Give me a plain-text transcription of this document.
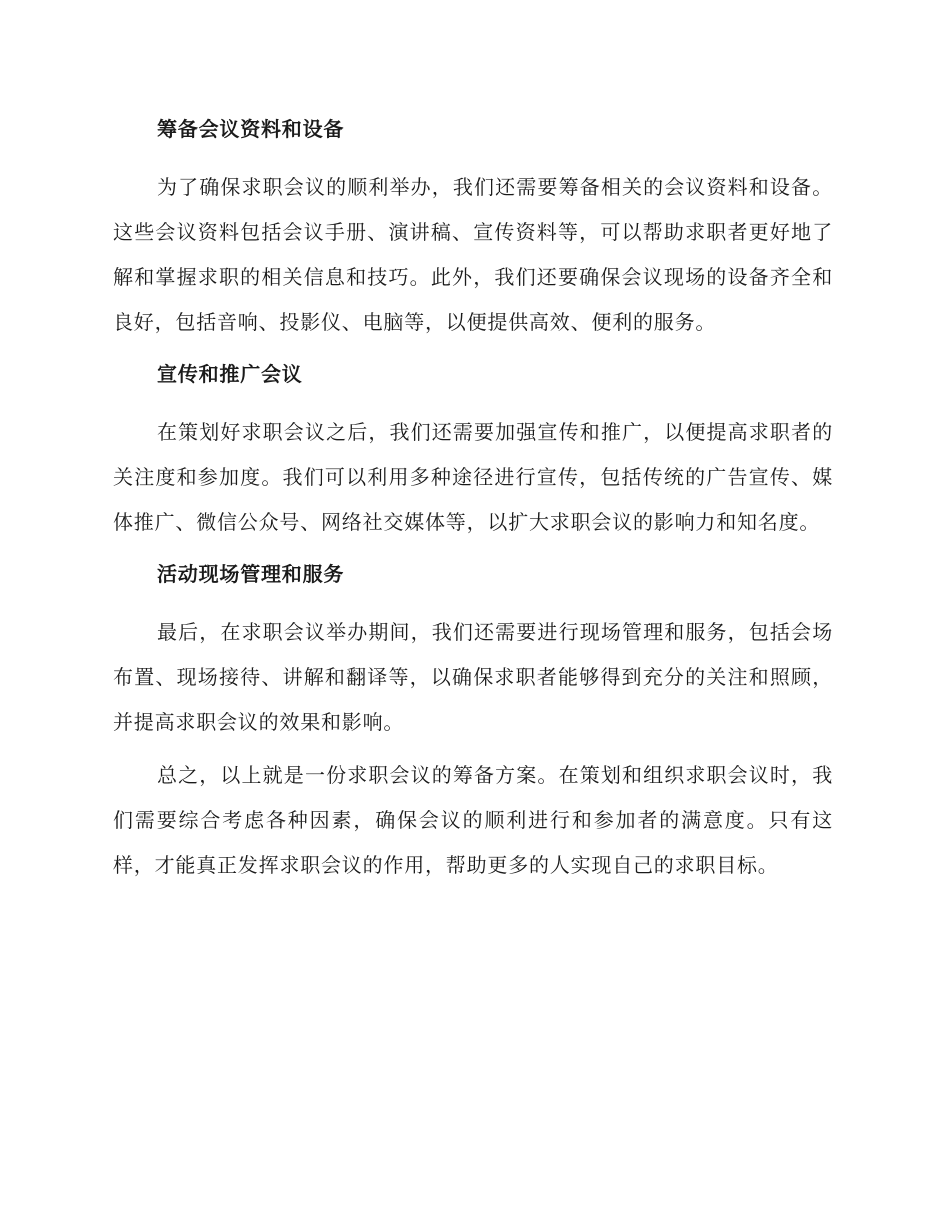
筹备会议资料和设备

为了确保求职会议的顺利举办，我们还需要筹备相关的会议资料和设备。这些会议资料包括会议手册、演讲稿、宣传资料等，可以帮助求职者更好地了解和掌握求职的相关信息和技巧。此外，我们还要确保会议现场的设备齐全和良好，包括音响、投影仪、电脑等，以便提供高效、便利的服务。

宣传和推广会议

在策划好求职会议之后，我们还需要加强宣传和推广，以便提高求职者的关注度和参加度。我们可以利用多种途径进行宣传，包括传统的广告宣传、媒体推广、微信公众号、网络社交媒体等，以扩大求职会议的影响力和知名度。

活动现场管理和服务

最后，在求职会议举办期间，我们还需要进行现场管理和服务，包括会场布置、现场接待、讲解和翻译等，以确保求职者能够得到充分的关注和照顾，并提高求职会议的效果和影响。

总之，以上就是一份求职会议的筹备方案。在策划和组织求职会议时，我们需要综合考虑各种因素，确保会议的顺利进行和参加者的满意度。只有这样，才能真正发挥求职会议的作用，帮助更多的人实现自己的求职目标。
